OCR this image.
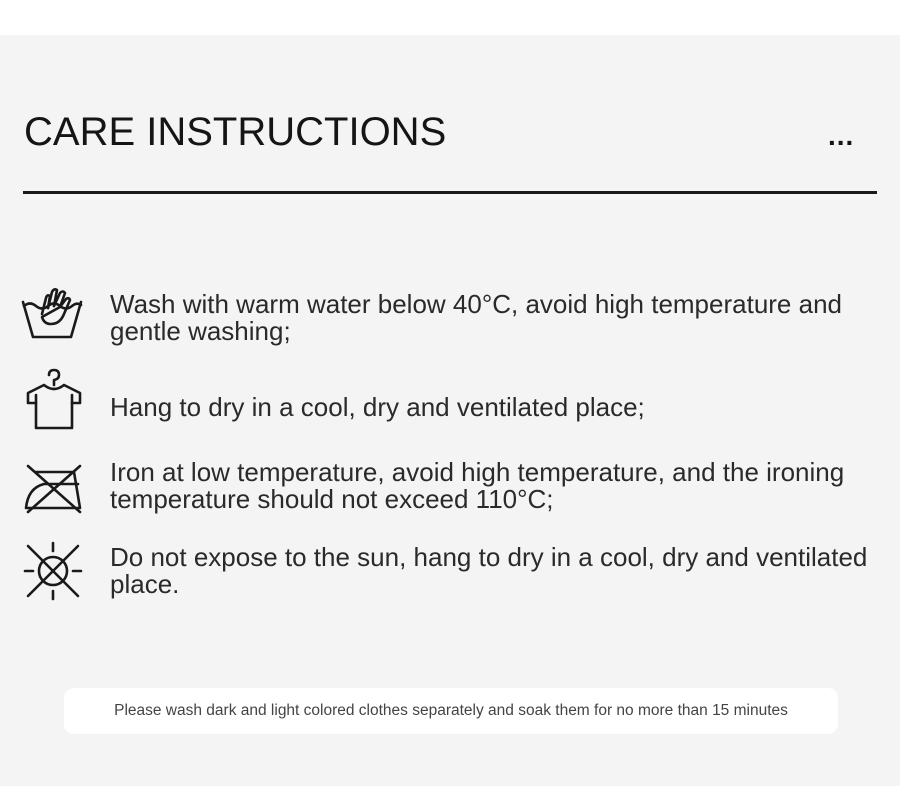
CARE INSTRUCTIONS	...
Wash with warm water below 40°C, avoid high temperature and gentle washing;
Hang to dry in a cool, dry and ventilated place;
Iron at low temperature, avoid high temperature, and the ironing temperature should not exceed 110°C;
Do not expose to the sun, hang to dry in a cool, dry and ventilated place.
Please wash dark and light colored clothes separately and soak them for no more than 15 minutes
